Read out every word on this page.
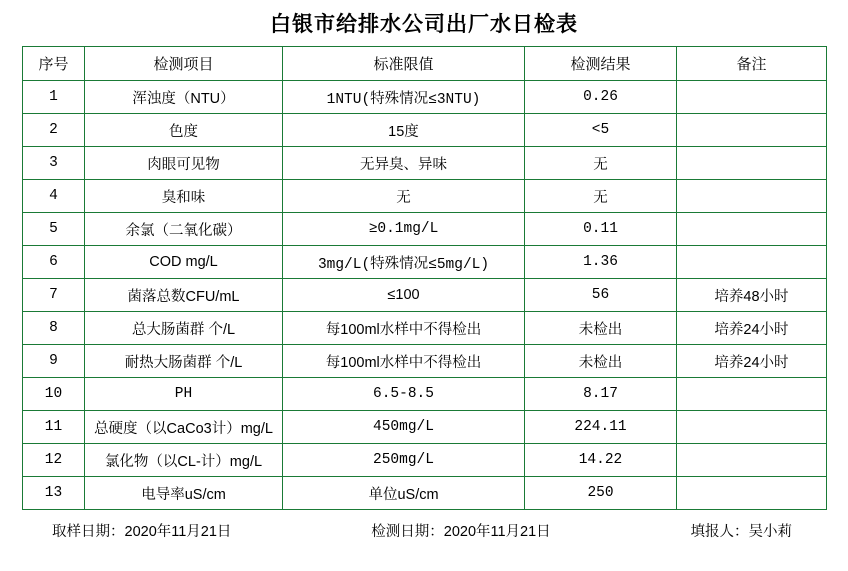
白银市给排水公司出厂水日检表
序号	检测项目	标准限值	检测结果	备注
1	浑浊度（NTU）	1NTU(特殊情况≤3NTU)	0.26	
2	色度	15度	<5	
3	肉眼可见物	无异臭、异味	无	
4	臭和味	无	无	
5	余氯（二氧化碳）	≥0.1mg/L	0.11	
6	COD mg/L	3mg/L(特殊情况≤5mg/L)	1.36	
7	菌落总数CFU/mL	≤100	56	培养48小时
8	总大肠菌群 个/L	每100ml水样中不得检出	未检出	培养24小时
9	耐热大肠菌群 个/L	每100ml水样中不得检出	未检出	培养24小时
10	PH	6.5-8.5	8.17	
11	总硬度（以CaCo3计）mg/L	450mg/L	224.11	
12	氯化物（以CL-计）mg/L	250mg/L	14.22	
13	电导率uS/cm	单位uS/cm	250	
取样日期：2020年11月21日	检测日期：2020年11月21日	填报人：吴小莉
